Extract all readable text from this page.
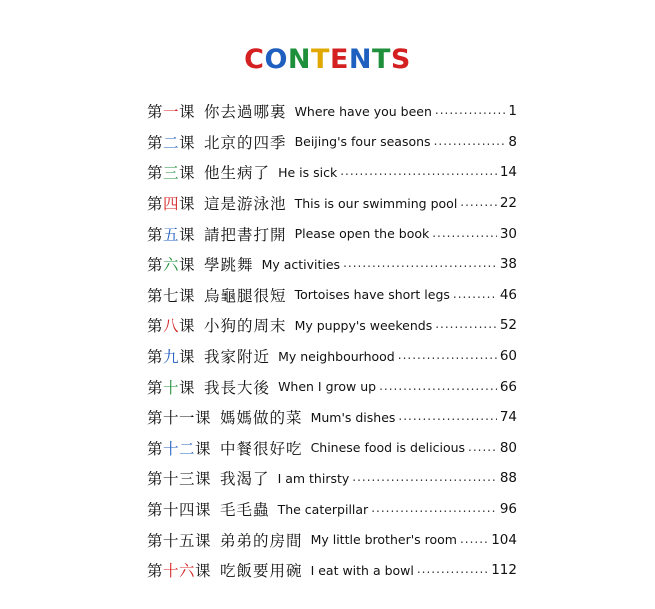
CONTENTS
第一课 你去過哪裏 Where have you been .....	1
第二课 北京的四季 Beijing's four seasons .....	8
第三课 他生病了 He is sick .....	14
第四课 這是游泳池 This is our swimming pool .....	22
第五课 請把書打開 Please open the book .....	30
第六课 學跳舞 My activities .....	38
第七课 烏龜腿很短 Tortoises have short legs .....	46
第八课 小狗的周末 My puppy's weekends .....	52
第九课 我家附近 My neighbourhood .....	60
第十课 我長大後 When I grow up .....	66
第十一课 媽媽做的菜 Mum's dishes .....	74
第十二课 中餐很好吃 Chinese food is delicious .....	80
第十三课 我渴了 I am thirsty .....	88
第十四课 毛毛蟲 The caterpillar .....	96
第十五课 弟弟的房間 My little brother's room .....	104
第十六课 吃飯要用碗 I eat with a bowl .....	112
